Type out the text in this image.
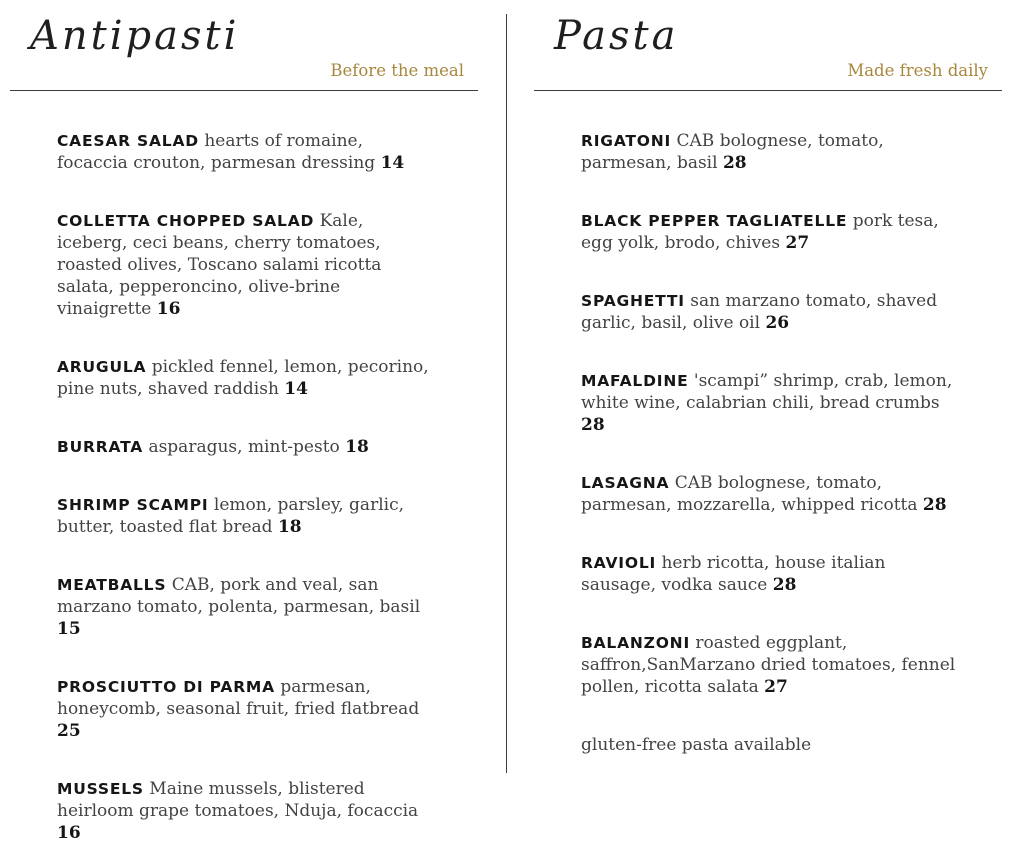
Antipasti
Before the meal

CAESAR SALAD hearts of romaine, focaccia crouton, parmesan dressing 14

COLLETTA CHOPPED SALAD Kale, iceberg, ceci beans, cherry tomatoes, roasted olives, Toscano salami ricotta salata, pepperoncino, olive-brine vinaigrette 16

ARUGULA pickled fennel, lemon, pecorino, pine nuts, shaved raddish 14

BURRATA asparagus, mint-pesto 18

SHRIMP SCAMPI lemon, parsley, garlic, butter, toasted flat bread 18

MEATBALLS CAB, pork and veal, san marzano tomato, polenta, parmesan, basil 15

PROSCIUTTO DI PARMA parmesan, honeycomb, seasonal fruit, fried flatbread 25

MUSSELS Maine mussels, blistered heirloom grape tomatoes, Nduja, focaccia 16

Pasta
Made fresh daily

RIGATONI CAB bolognese, tomato, parmesan, basil 28

BLACK PEPPER TAGLIATELLE pork tesa, egg yolk, brodo, chives 27

SPAGHETTI san marzano tomato, shaved garlic, basil, olive oil 26

MAFALDINE 'scampi” shrimp, crab, lemon, white wine, calabrian chili, bread crumbs 28

LASAGNA CAB bolognese, tomato, parmesan, mozzarella, whipped ricotta 28

RAVIOLI herb ricotta, house italian sausage, vodka sauce 28

BALANZONI roasted eggplant, saffron,SanMarzano dried tomatoes, fennel pollen, ricotta salata 27

gluten-free pasta available
